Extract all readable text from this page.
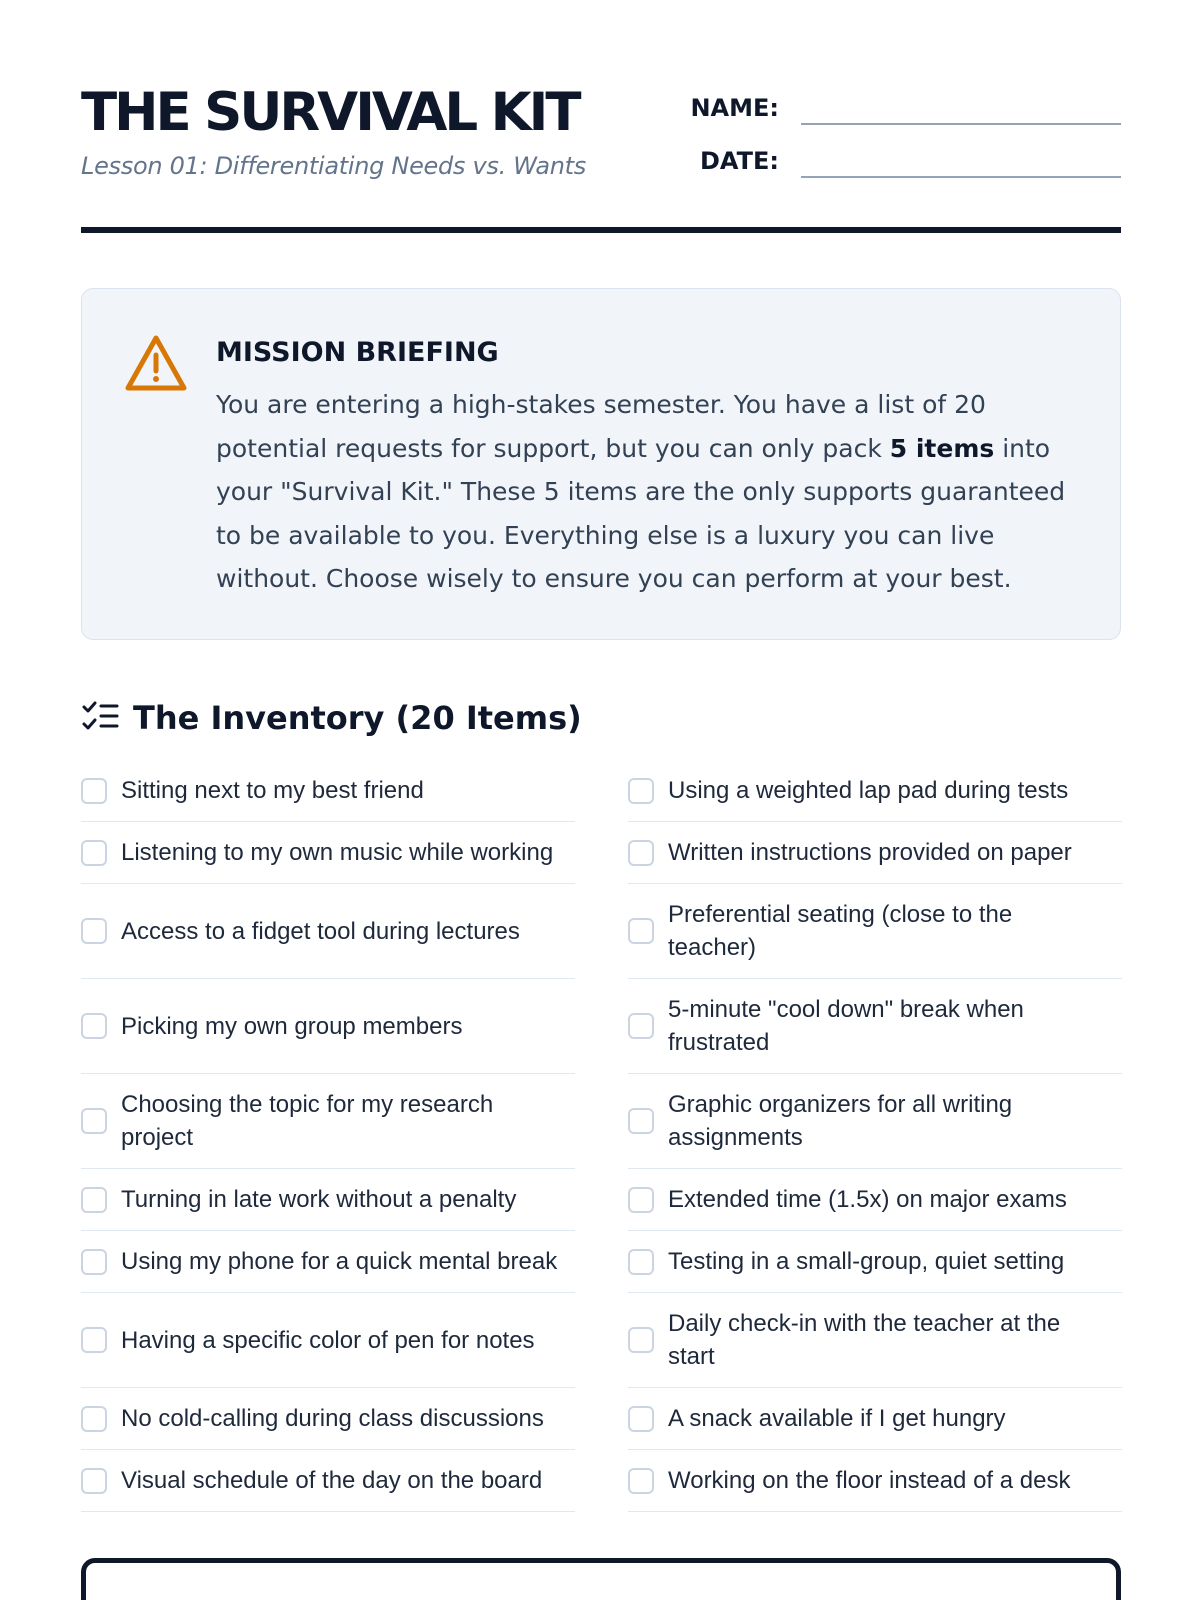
THE SURVIVAL KIT
Lesson 01: Differentiating Needs vs. Wants
NAME:
DATE:
MISSION BRIEFING
You are entering a high-stakes semester. You have a list of 20 potential requests for support, but you can only pack 5 items into your "Survival Kit." These 5 items are the only supports guaranteed to be available to you. Everything else is a luxury you can live without. Choose wisely to ensure you can perform at your best.
The Inventory (20 Items)
Sitting next to my best friend
Listening to my own music while working
Access to a fidget tool during lectures
Picking my own group members
Choosing the topic for my research project
Turning in late work without a penalty
Using my phone for a quick mental break
Having a specific color of pen for notes
No cold-calling during class discussions
Visual schedule of the day on the board
Using a weighted lap pad during tests
Written instructions provided on paper
Preferential seating (close to the teacher)
5-minute "cool down" break when frustrated
Graphic organizers for all writing assignments
Extended time (1.5x) on major exams
Testing in a small-group, quiet setting
Daily check-in with the teacher at the start
A snack available if I get hungry
Working on the floor instead of a desk
